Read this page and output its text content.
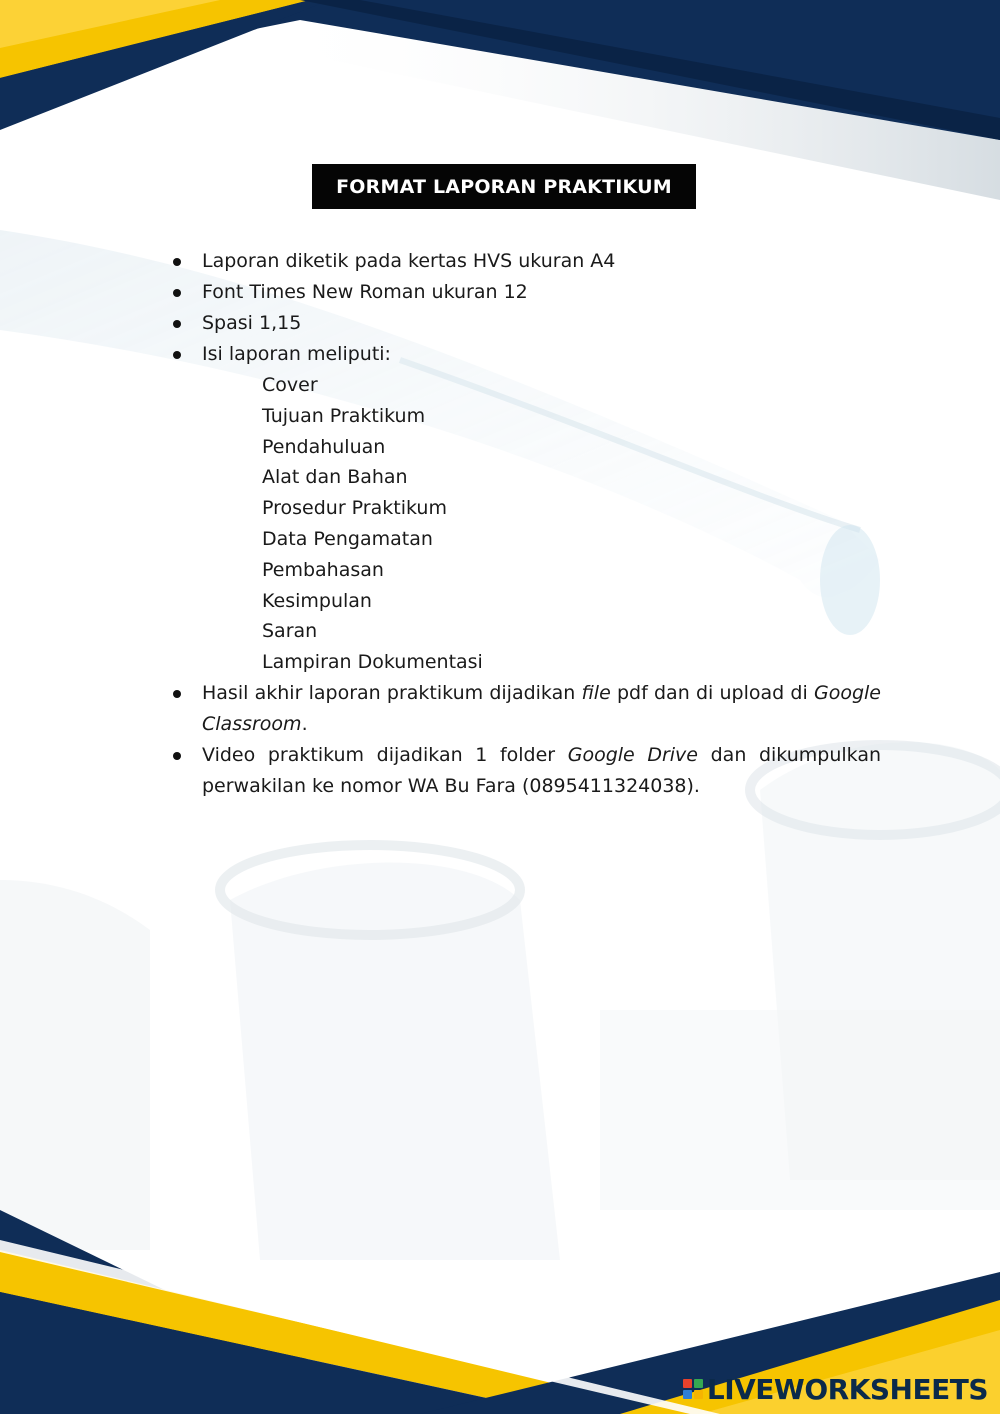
FORMAT LAPORAN PRAKTIKUM
Laporan diketik pada kertas HVS ukuran A4
Font Times New Roman ukuran 12
Spasi 1,15
Isi laporan meliputi:
Cover
Tujuan Praktikum
Pendahuluan
Alat dan Bahan
Prosedur Praktikum
Data Pengamatan
Pembahasan
Kesimpulan
Saran
Lampiran Dokumentasi
Hasil akhir laporan praktikum dijadikan file pdf dan di upload di Google Classroom.
Video praktikum dijadikan 1 folder Google Drive dan dikumpulkan perwakilan ke nomor WA Bu Fara (0895411324038).
LIVEWORKSHEETS
